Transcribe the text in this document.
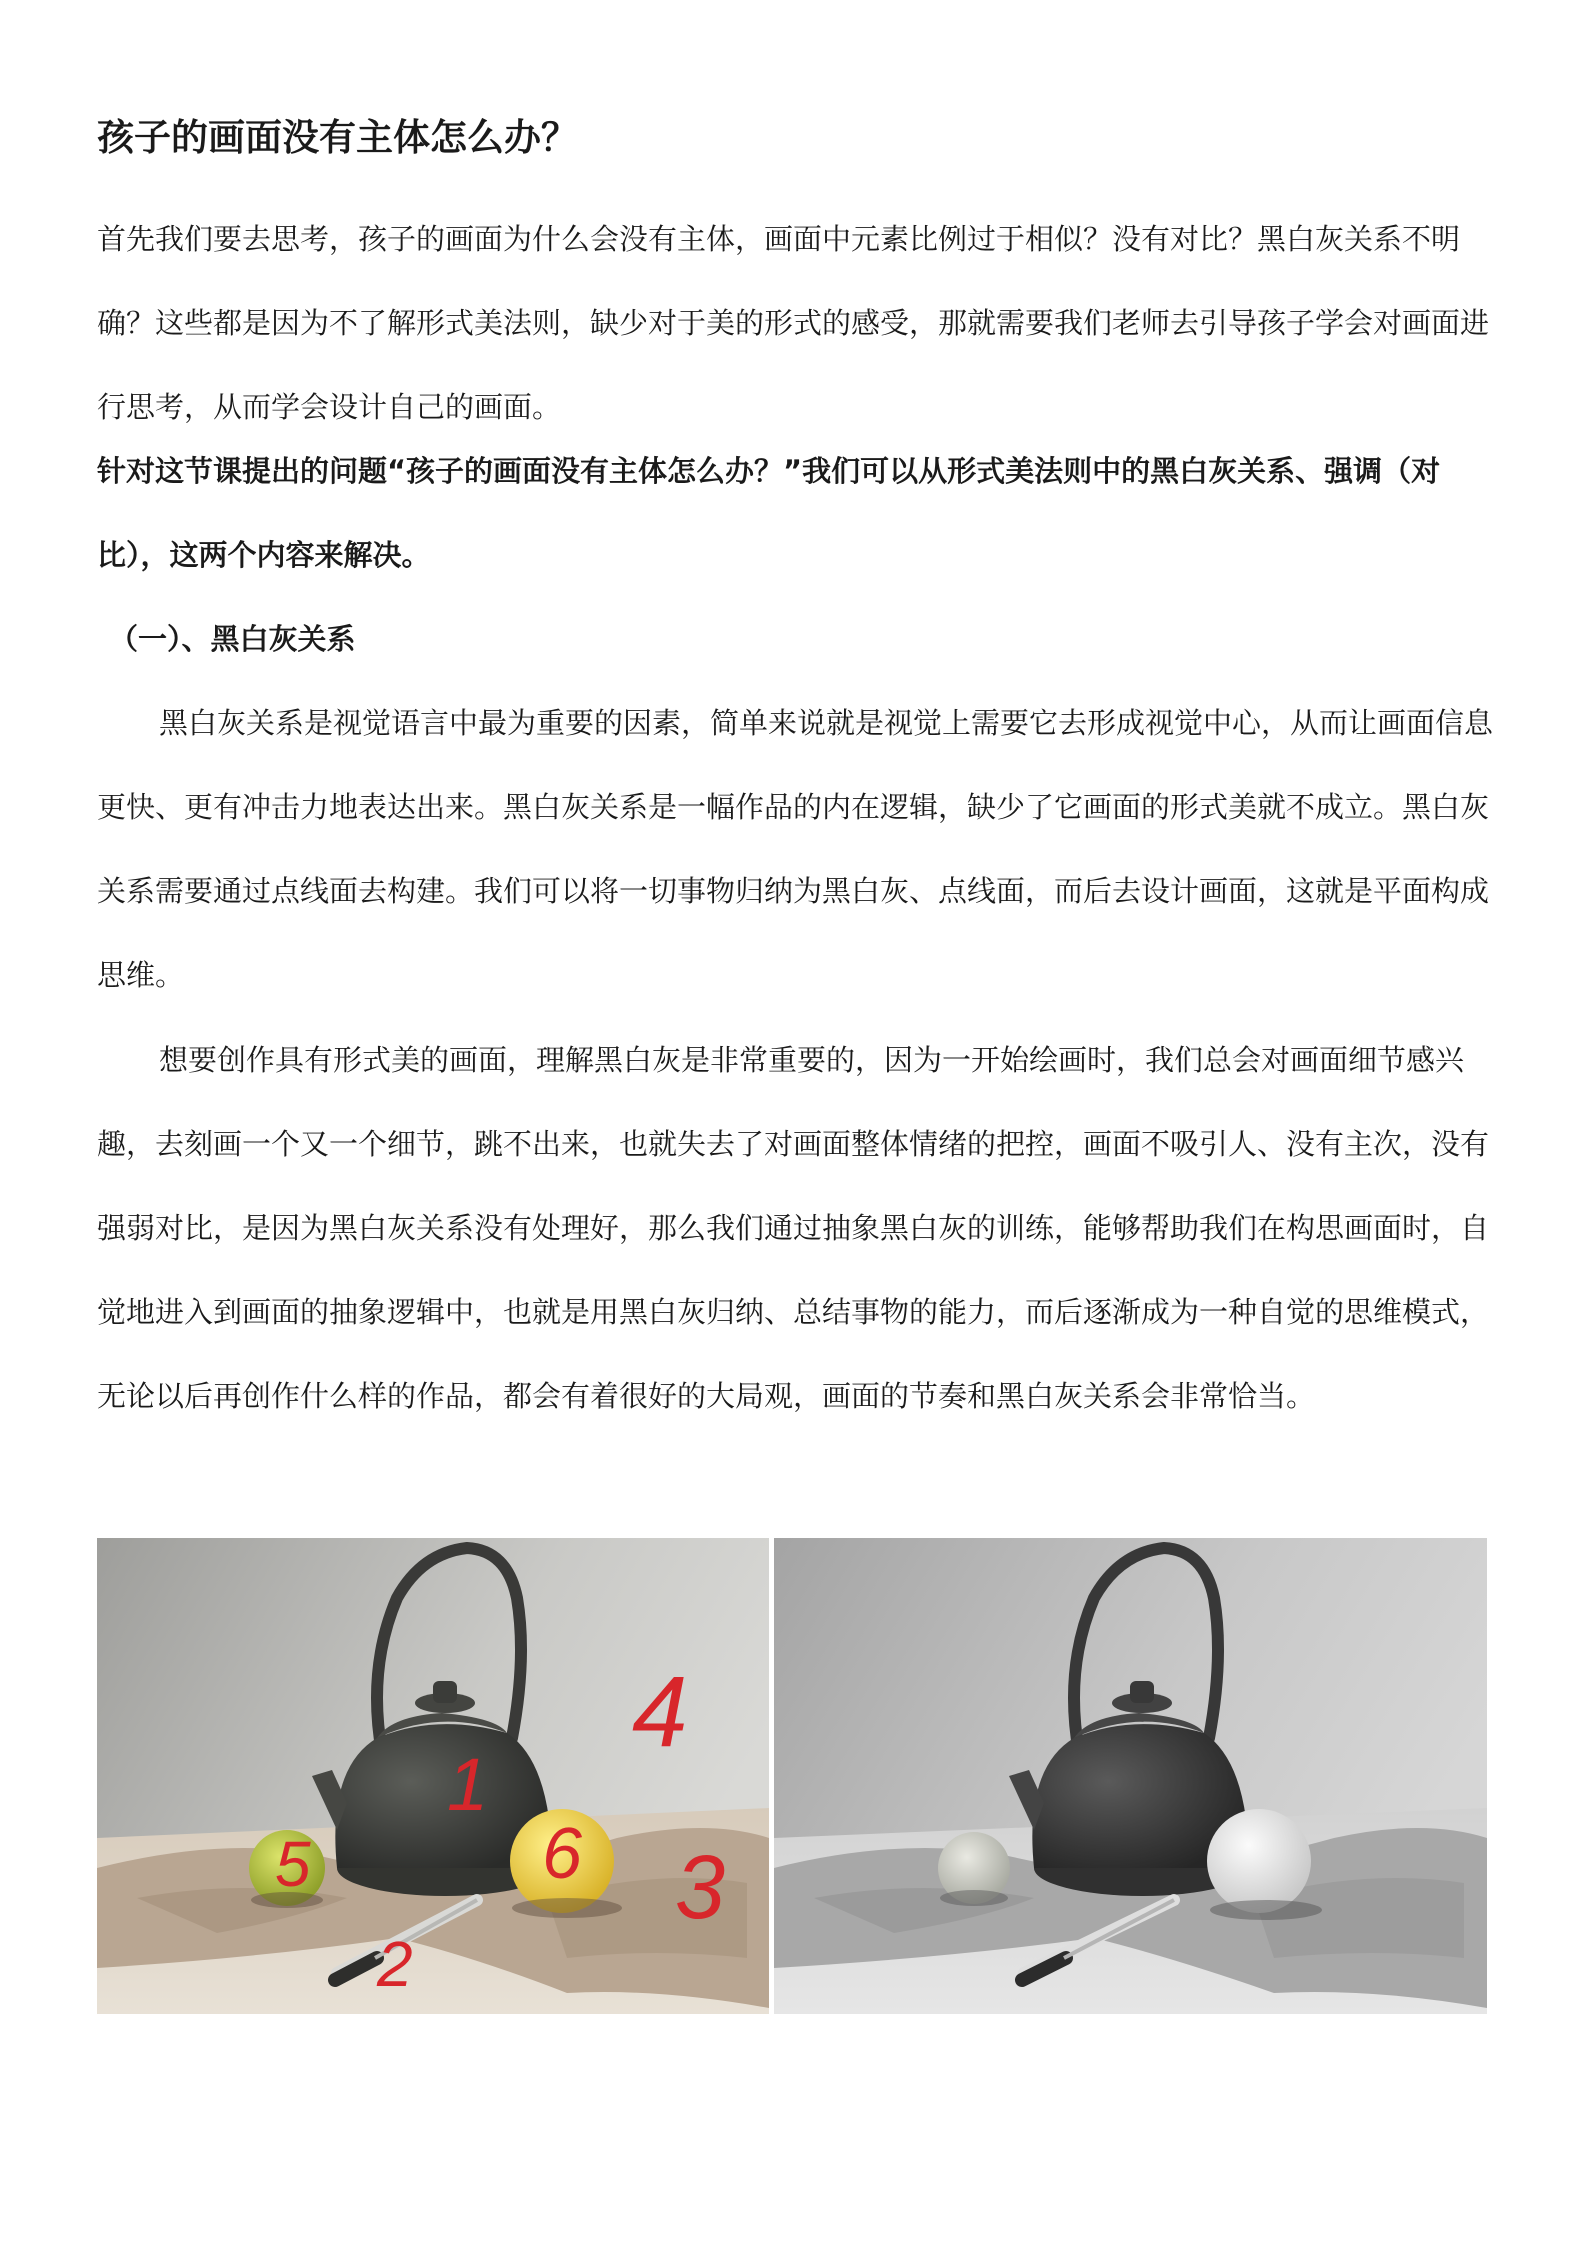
孩子的画面没有主体怎么办？

首先我们要去思考，孩子的画面为什么会没有主体，画面中元素比例过于相似？没有对比？黑白灰关系不明确？这些都是因为不了解形式美法则，缺少对于美的形式的感受，那就需要我们老师去引导孩子学会对画面进行思考，从而学会设计自己的画面。

针对这节课提出的问题“孩子的画面没有主体怎么办？”我们可以从形式美法则中的黑白灰关系、强调（对比），这两个内容来解决。

（一）、黑白灰关系

黑白灰关系是视觉语言中最为重要的因素，简单来说就是视觉上需要它去形成视觉中心，从而让画面信息更快、更有冲击力地表达出来。黑白灰关系是一幅作品的内在逻辑，缺少了它画面的形式美就不成立。黑白灰关系需要通过点线面去构建。我们可以将一切事物归纳为黑白灰、点线面，而后去设计画面，这就是平面构成思维。

想要创作具有形式美的画面，理解黑白灰是非常重要的，因为一开始绘画时，我们总会对画面细节感兴趣，去刻画一个又一个细节，跳不出来，也就失去了对画面整体情绪的把控，画面不吸引人、没有主次，没有强弱对比，是因为黑白灰关系没有处理好，那么我们通过抽象黑白灰的训练，能够帮助我们在构思画面时，自觉地进入到画面的抽象逻辑中，也就是用黑白灰归纳、总结事物的能力，而后逐渐成为一种自觉的思维模式，无论以后再创作什么样的作品，都会有着很好的大局观，画面的节奏和黑白灰关系会非常恰当。

1
2
3
4
5	6
